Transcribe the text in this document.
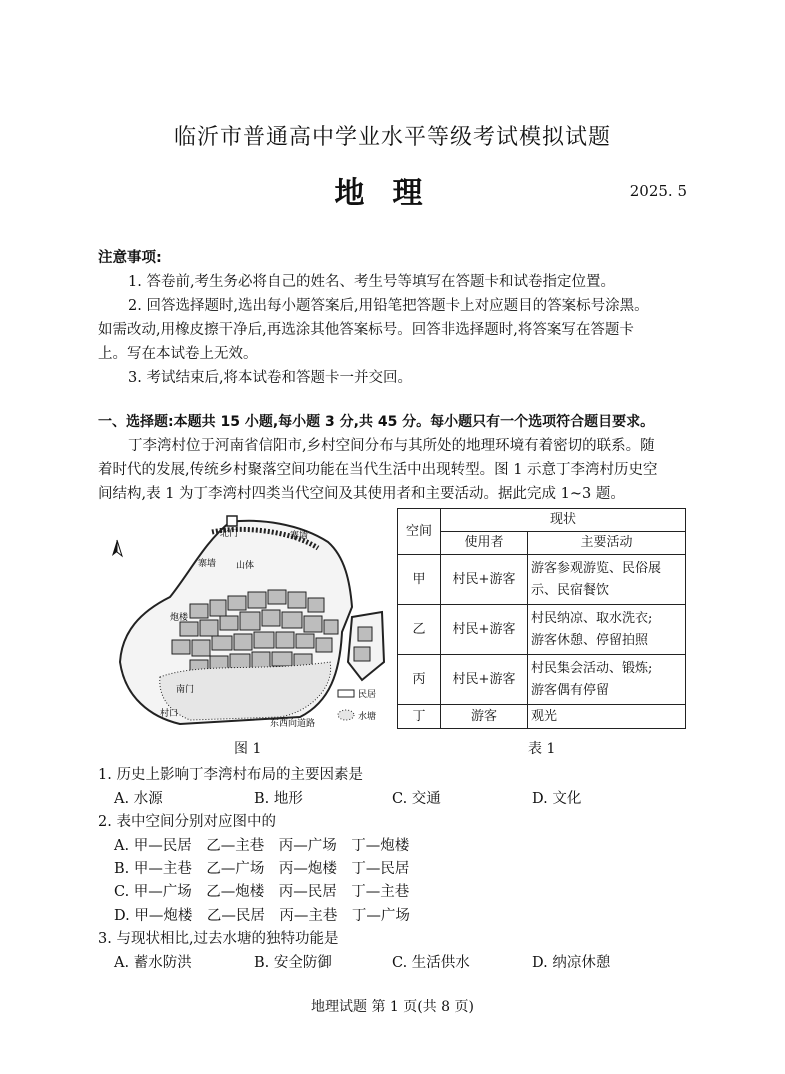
临沂市普通高中学业水平等级考试模拟试题
地理	2025. 5
注意事项:
1. 答卷前,考生务必将自己的姓名、考生号等填写在答题卡和试卷指定位置。
2. 回答选择题时,选出每小题答案后,用铅笔把答题卡上对应题目的答案标号涂黑。
如需改动,用橡皮擦干净后,再选涂其他答案标号。回答非选择题时,将答案写在答题卡
上。写在本试卷上无效。
3. 考试结束后,将本试卷和答题卡一并交回。
一、选择题:本题共 15 小题,每小题 3 分,共 45 分。每小题只有一个选项符合题目要求。
丁李湾村位于河南省信阳市,乡村空间分布与其所处的地理环境有着密切的联系。随
着时代的发展,传统乡村聚落空间功能在当代生活中出现转型。图 1 示意丁李湾村历史空
间结构,表 1 为丁李湾村四类当代空间及其使用者和主要活动。据此完成 1~3 题。
北门	寨墙
寨墙 山体
炮楼
南门
村口
东西向道路
民居
水塘
图 1
空间	现状	
	使用者	主要活动
甲	村民+游客	游客参观游览、民俗展
示、民宿餐饮

乙	村民+游客	村民纳凉、取水洗衣;
游客休憩、停留拍照

丙	村民+游客	村民集会活动、锻炼;
游客偶有停留

丁	游客	观光
表 1
1. 历史上影响丁李湾村布局的主要因素是
A. 水源	B. 地形	C. 交通	D. 文化
2. 表中空间分别对应图中的
A. 甲—民居　乙—主巷　丙—广场　丁—炮楼
B. 甲—主巷　乙—广场　丙—炮楼　丁—民居
C. 甲—广场　乙—炮楼　丙—民居　丁—主巷
D. 甲—炮楼　乙—民居　丙—主巷　丁—广场
3. 与现状相比,过去水塘的独特功能是
A. 蓄水防洪	B. 安全防御	C. 生活供水	D. 纳凉休憩
地理试题 第 1 页(共 8 页)
